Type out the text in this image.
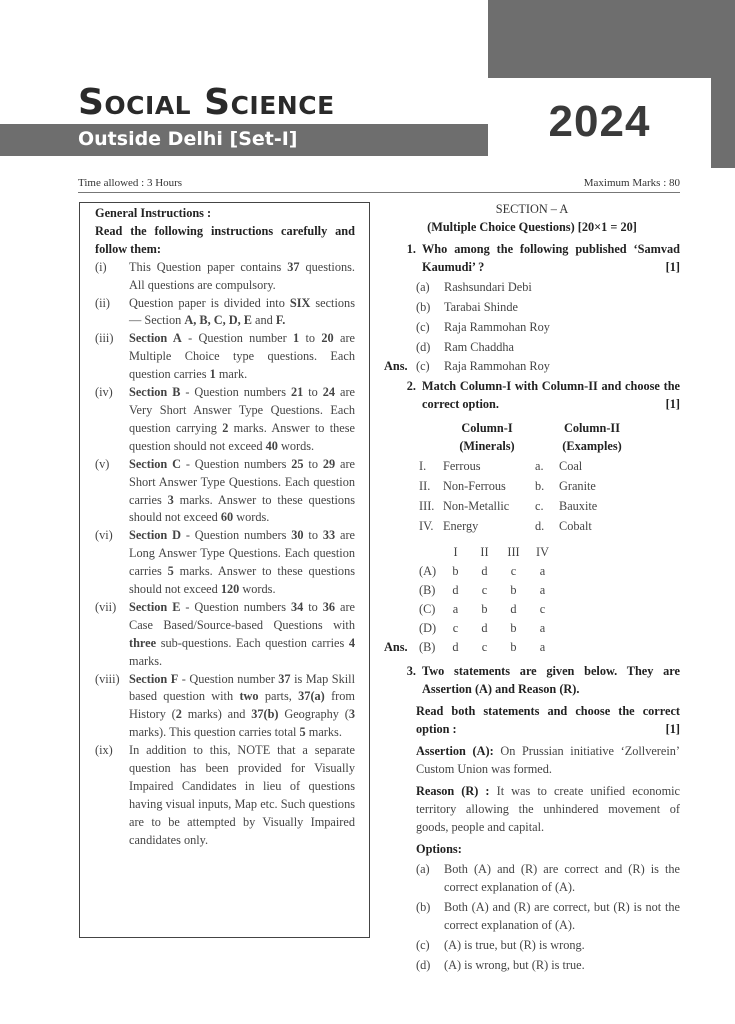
2024
Social Science
Outside Delhi [Set-I]
Time allowed : 3 Hours	Maximum Marks : 80
General Instructions :
Read the following instructions carefully and follow them:
(i)	This Question paper contains 37 questions. All questions are compulsory.
(ii)	Question paper is divided into SIX sections — Section A, B, C, D, E and F.
(iii)	Section A - Question number 1 to 20 are Multiple Choice type questions. Each question carries 1 mark.
(iv)	Section B - Question numbers 21 to 24 are Very Short Answer Type Questions. Each question carrying 2 marks. Answer to these question should not exceed 40 words.
(v)	Section C - Question numbers 25 to 29 are Short Answer Type Questions. Each question carries 3 marks. Answer to these questions should not exceed 60 words.
(vi)	Section D - Question numbers 30 to 33 are Long Answer Type Questions. Each question carries 5 marks. Answer to these questions should not exceed 120 words.
(vii)	Section E - Question numbers 34 to 36 are Case Based/Source-based Questions with three sub-questions. Each question carries 4 marks.
(viii) Section F - Question number 37 is Map Skill based question with two parts, 37(a) from History (2 marks) and 37(b) Geography (3 marks). This question carries total 5 marks.
(ix)	In addition to this, NOTE that a separate question has been provided for Visually Impaired Candidates in lieu of questions having visual inputs, Map etc. Such questions are to be attempted by Visually Impaired candidates only.
SECTION – A
(Multiple Choice Questions) [20×1 = 20]
1. Who among the following published ‘Samvad Kaumudi’ ?	[1]
(a)	Rashsundari Debi
(b)	Tarabai Shinde
(c)	Raja Rammohan Roy
(d)	Ram Chaddha
Ans. (c)	Raja Rammohan Roy
2. Match Column-I with Column-II and choose the correct option.	[1]
Column-I
(Minerals)
Column-II
(Examples)
I.	Ferrous	a.	Coal
II.	Non-Ferrous	b.	Granite
III. Non-Metallic	c.	Bauxite
IV. Energy	d.	Cobalt
I	II	III	IV
(A)	b	d	c	a
(B)	d	c	b	a
(C)	a	b	d	c
(D)	c	d	b	a
Ans. (B)	d	c	b	a
3. Two statements are given below. They are Assertion (A) and Reason (R).
Read both statements and choose the correct option :	[1]
Assertion (A): On Prussian initiative ‘Zollverein’ Custom Union was formed.
Reason (R) : It was to create unified economic territory allowing the unhindered movement of goods, people and capital.
Options:
(a)	Both (A) and (R) are correct and (R) is the correct explanation of (A).
(b)	Both (A) and (R) are correct, but (R) is not the correct explanation of (A).
(c)	(A) is true, but (R) is wrong.
(d)	(A) is wrong, but (R) is true.
